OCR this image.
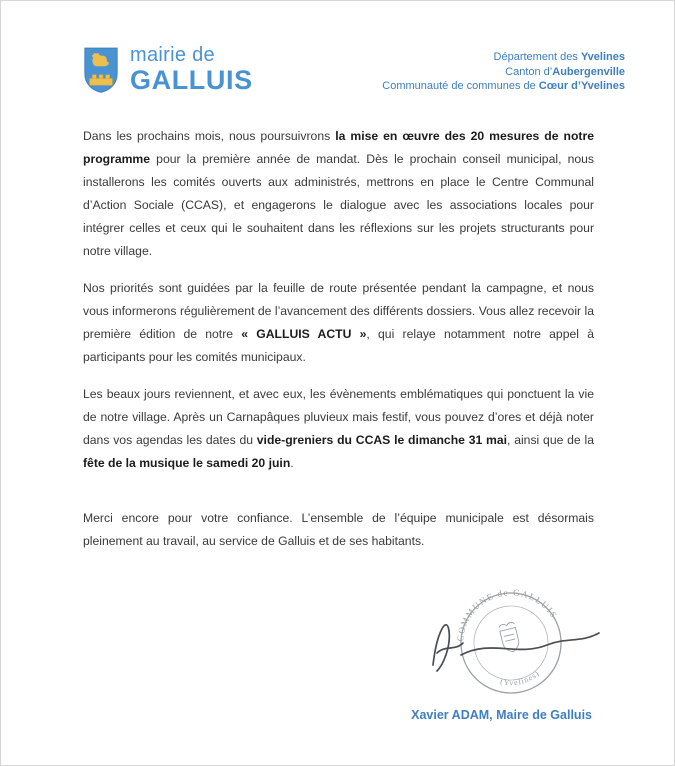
mairie de
GALLUIS
Département des Yvelines
Canton d’Aubergenville
Communauté de communes de Cœur d’Yvelines

Dans les prochains mois, nous poursuivrons la mise en œuvre des 20 mesures de notre programme pour la première année de mandat. Dès le prochain conseil municipal, nous installerons les comités ouverts aux administrés, mettrons en place le Centre Communal d’Action Sociale (CCAS), et engagerons le dialogue avec les associations locales pour intégrer celles et ceux qui le souhaitent dans les réflexions sur les projets structurants pour notre village.

Nos priorités sont guidées par la feuille de route présentée pendant la campagne, et nous vous informerons régulièrement de l’avancement des différents dossiers. Vous allez recevoir la première édition de notre « GALLUIS ACTU », qui relaye notamment notre appel à participants pour les comités municipaux.

Les beaux jours reviennent, et avec eux, les évènements emblématiques qui ponctuent la vie de notre village. Après un Carnapâques pluvieux mais festif, vous pouvez d’ores et déjà noter dans vos agendas les dates du vide-greniers du CCAS le dimanche 31 mai, ainsi que de la fête de la musique le samedi 20 juin.

Merci encore pour votre confiance. L’ensemble de l’équipe municipale est désormais pleinement au travail, au service de Galluis et de ses habitants.

COMMUNE de GALLUIS
(Yvelines)
Xavier ADAM, Maire de Galluis
